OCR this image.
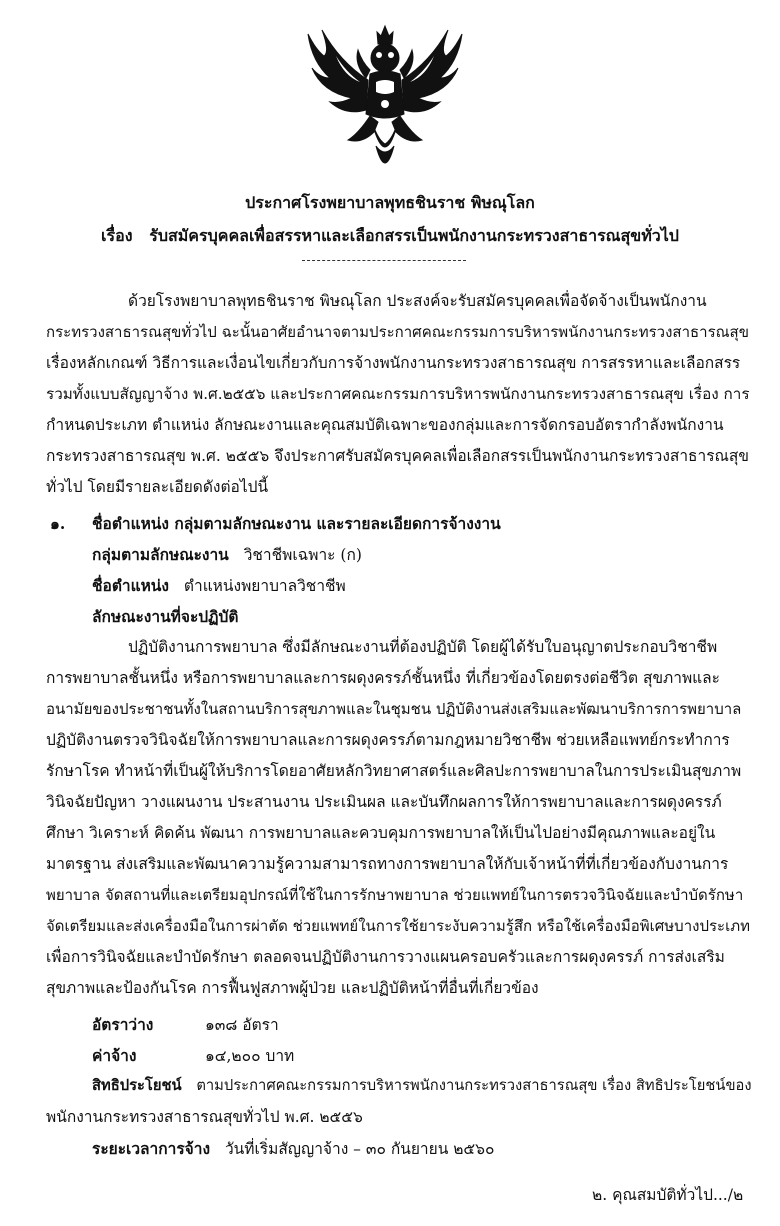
ประกาศโรงพยาบาลพุทธชินราช พิษณุโลก
เรื่อง รับสมัครบุคคลเพื่อสรรหาและเลือกสรรเป็นพนักงานกระทรวงสาธารณสุขทั่วไป
ด้วยโรงพยาบาลพุทธชินราช พิษณุโลก ประสงค์จะรับสมัครบุคคลเพื่อจัดจ้างเป็นพนักงาน
กระทรวงสาธารณสุขทั่วไป ฉะนั้นอาศัยอำนาจตามประกาศคณะกรรมการบริหารพนักงานกระทรวงสาธารณสุข
เรื่องหลักเกณฑ์ วิธีการและเงื่อนไขเกี่ยวกับการจ้างพนักงานกระทรวงสาธารณสุข การสรรหาและเลือกสรร
รวมทั้งแบบสัญญาจ้าง พ.ศ.๒๕๕๖ และประกาศคณะกรรมการบริหารพนักงานกระทรวงสาธารณสุข เรื่อง การ
กำหนดประเภท ตำแหน่ง ลักษณะงานและคุณสมบัติเฉพาะของกลุ่มและการจัดกรอบอัตรากำลังพนักงาน
กระทรวงสาธารณสุข พ.ศ. ๒๕๕๖ จึงประกาศรับสมัครบุคคลเพื่อเลือกสรรเป็นพนักงานกระทรวงสาธารณสุข
ทั่วไป โดยมีรายละเอียดดังต่อไปนี้
๑. ชื่อตำแหน่ง กลุ่มตามลักษณะงาน และรายละเอียดการจ้างงาน
กลุ่มตามลักษณะงาน วิชาชีพเฉพาะ (ก)
ชื่อตำแหน่ง ตำแหน่งพยาบาลวิชาชีพ
ลักษณะงานที่จะปฏิบัติ
ปฏิบัติงานการพยาบาล ซึ่งมีลักษณะงานที่ต้องปฏิบัติ โดยผู้ได้รับใบอนุญาตประกอบวิชาชีพ
การพยาบาลชั้นหนึ่ง หรือการพยาบาลและการผดุงครรภ์ชั้นหนึ่ง ที่เกี่ยวข้องโดยตรงต่อชีวิต สุขภาพและ
อนามัยของประชาชนทั้งในสถานบริการสุขภาพและในชุมชน ปฏิบัติงานส่งเสริมและพัฒนาบริการการพยาบาล
ปฏิบัติงานตรวจวินิจฉัยให้การพยาบาลและการผดุงครรภ์ตามกฎหมายวิชาชีพ ช่วยเหลือแพทย์กระทำการ
รักษาโรค ทำหน้าที่เป็นผู้ให้บริการโดยอาศัยหลักวิทยาศาสตร์และศิลปะการพยาบาลในการประเมินสุขภาพ
วินิจฉัยปัญหา วางแผนงาน ประสานงาน ประเมินผล และบันทึกผลการให้การพยาบาลและการผดุงครรภ์
ศึกษา วิเคราะห์ คิดค้น พัฒนา การพยาบาลและควบคุมการพยาบาลให้เป็นไปอย่างมีคุณภาพและอยู่ใน
มาตรฐาน ส่งเสริมและพัฒนาความรู้ความสามารถทางการพยาบาลให้กับเจ้าหน้าที่ที่เกี่ยวข้องกับงานการ
พยาบาล จัดสถานที่และเตรียมอุปกรณ์ที่ใช้ในการรักษาพยาบาล ช่วยแพทย์ในการตรวจวินิจฉัยและบำบัดรักษา
จัดเตรียมและส่งเครื่องมือในการผ่าตัด ช่วยแพทย์ในการใช้ยาระงับความรู้สึก หรือใช้เครื่องมือพิเศษบางประเภท
เพื่อการวินิจฉัยและบำบัดรักษา ตลอดจนปฏิบัติงานการวางแผนครอบครัวและการผดุงครรภ์ การส่งเสริม
สุขภาพและป้องกันโรค การฟื้นฟูสภาพผู้ป่วย และปฏิบัติหน้าที่อื่นที่เกี่ยวข้อง
อัตราว่าง	๑๓๘ อัตรา
ค่าจ้าง	๑๔,๒๐๐ บาท
สิทธิประโยชน์ ตามประกาศคณะกรรมการบริหารพนักงานกระทรวงสาธารณสุข เรื่อง สิทธิประโยชน์ของ
พนักงานกระทรวงสาธารณสุขทั่วไป พ.ศ. ๒๕๕๖
ระยะเวลาการจ้าง วันที่เริ่มสัญญาจ้าง – ๓๐ กันยายน ๒๕๖๐
๒. คุณสมบัติทั่วไป.../๒
